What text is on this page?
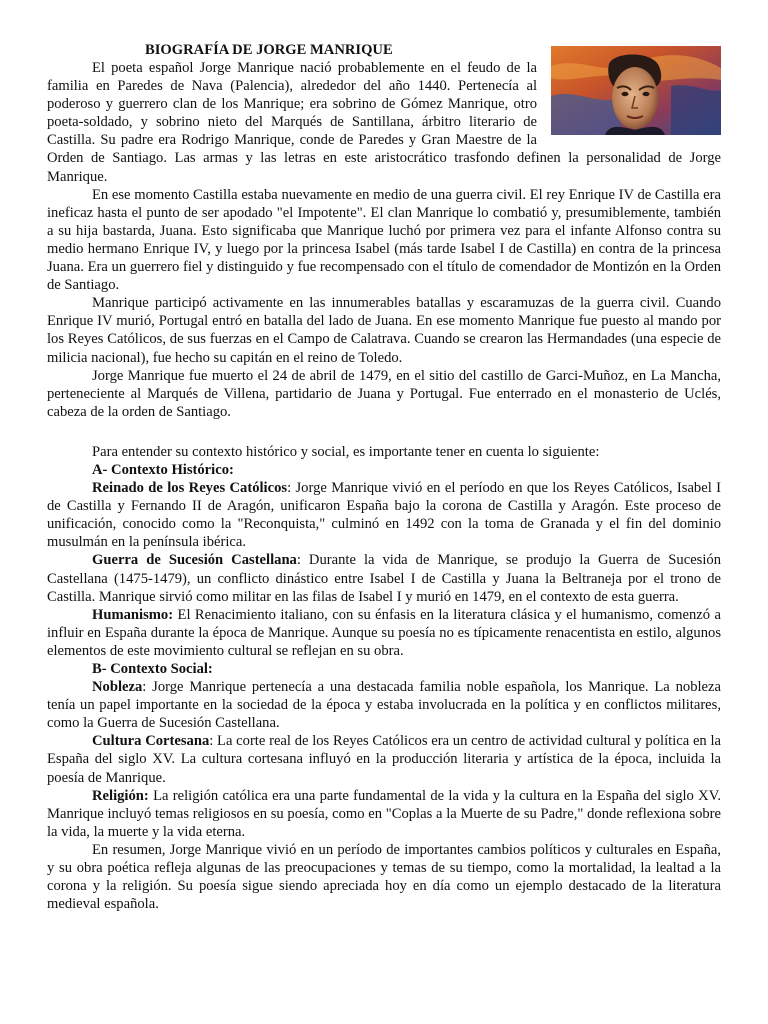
BIOGRAFÍA DE JORGE MANRIQUE

El poeta español Jorge Manrique nació probablemente en el feudo de la familia en Paredes de Nava (Palencia), alrededor del año 1440. Pertenecía al poderoso y guerrero clan de los Manrique; era sobrino de Gómez Manrique, otro poeta-soldado, y sobrino nieto del Marqués de Santillana, árbitro literario de Castilla. Su padre era Rodrigo Manrique, conde de Paredes y Gran Maestre de la Orden de Santiago. Las armas y las letras en este aristocrático trasfondo definen la personalidad de Jorge Manrique.

En ese momento Castilla estaba nuevamente en medio de una guerra civil. El rey Enrique IV de Castilla era ineficaz hasta el punto de ser apodado "el Impotente". El clan Manrique lo combatió y, presumiblemente, también a su hija bastarda, Juana. Esto significaba que Manrique luchó por primera vez para el infante Alfonso contra su medio hermano Enrique IV, y luego por la princesa Isabel (más tarde Isabel I de Castilla) en contra de la princesa Juana. Era un guerrero fiel y distinguido y fue recompensado con el título de comendador de Montizón en la Orden de Santiago.

Manrique participó activamente en las innumerables batallas y escaramuzas de la guerra civil. Cuando Enrique IV murió, Portugal entró en batalla del lado de Juana. En ese momento Manrique fue puesto al mando por los Reyes Católicos, de sus fuerzas en el Campo de Calatrava. Cuando se crearon las Hermandades (una especie de milicia nacional), fue hecho su capitán en el reino de Toledo.

Jorge Manrique fue muerto el 24 de abril de 1479, en el sitio del castillo de Garci-Muñoz, en La Mancha, perteneciente al Marqués de Villena, partidario de Juana y Portugal. Fue enterrado en el monasterio de Uclés, cabeza de la orden de Santiago.

Para entender su contexto histórico y social, es importante tener en cuenta lo siguiente:

A- Contexto Histórico:

Reinado de los Reyes Católicos: Jorge Manrique vivió en el período en que los Reyes Católicos, Isabel I de Castilla y Fernando II de Aragón, unificaron España bajo la corona de Castilla y Aragón. Este proceso de unificación, conocido como la "Reconquista," culminó en 1492 con la toma de Granada y el fin del dominio musulmán en la península ibérica.

Guerra de Sucesión Castellana: Durante la vida de Manrique, se produjo la Guerra de Sucesión Castellana (1475-1479), un conflicto dinástico entre Isabel I de Castilla y Juana la Beltraneja por el trono de Castilla. Manrique sirvió como militar en las filas de Isabel I y murió en 1479, en el contexto de esta guerra.

Humanismo: El Renacimiento italiano, con su énfasis en la literatura clásica y el humanismo, comenzó a influir en España durante la época de Manrique. Aunque su poesía no es típicamente renacentista en estilo, algunos elementos de este movimiento cultural se reflejan en su obra.

B- Contexto Social:

Nobleza: Jorge Manrique pertenecía a una destacada familia noble española, los Manrique. La nobleza tenía un papel importante en la sociedad de la época y estaba involucrada en la política y en conflictos militares, como la Guerra de Sucesión Castellana.

Cultura Cortesana: La corte real de los Reyes Católicos era un centro de actividad cultural y política en la España del siglo XV. La cultura cortesana influyó en la producción literaria y artística de la época, incluida la poesía de Manrique.

Religión: La religión católica era una parte fundamental de la vida y la cultura en la España del siglo XV. Manrique incluyó temas religiosos en su poesía, como en "Coplas a la Muerte de su Padre," donde reflexiona sobre la vida, la muerte y la vida eterna.

En resumen, Jorge Manrique vivió en un período de importantes cambios políticos y culturales en España, y su obra poética refleja algunas de las preocupaciones y temas de su tiempo, como la mortalidad, la lealtad a la corona y la religión. Su poesía sigue siendo apreciada hoy en día como un ejemplo destacado de la literatura medieval española.
